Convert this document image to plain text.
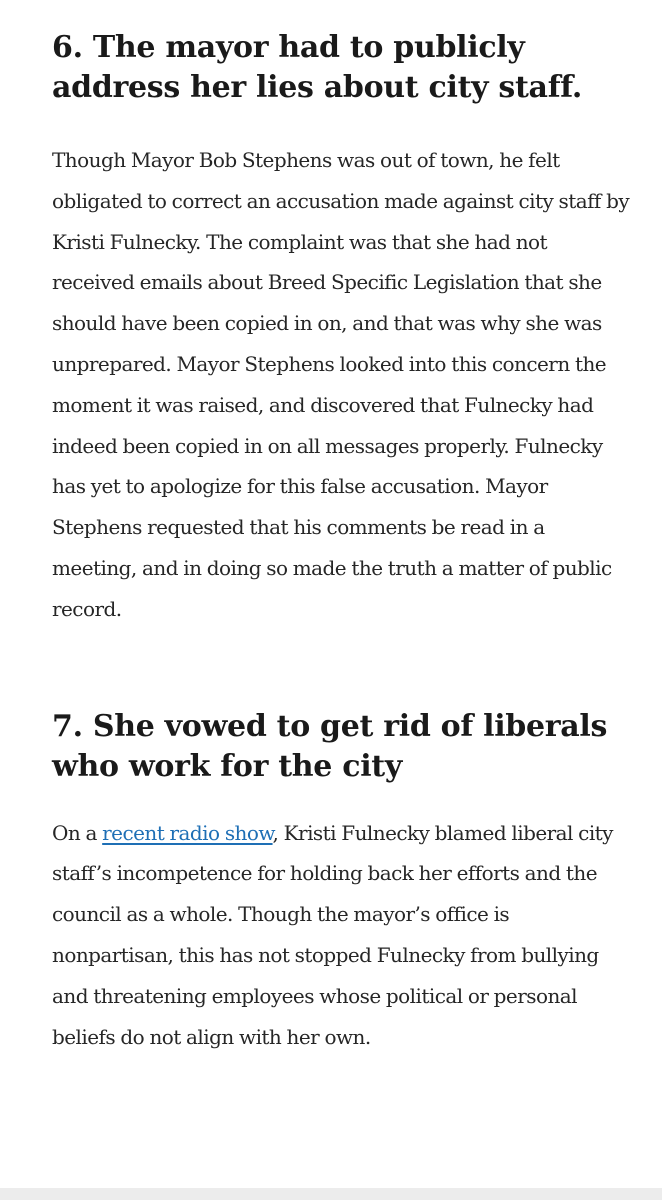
6. The mayor had to publicly address her lies about city staff.

Though Mayor Bob Stephens was out of town, he felt obligated to correct an accusation made against city staff by Kristi Fulnecky. The complaint was that she had not received emails about Breed Specific Legislation that she should have been copied in on, and that was why she was unprepared. Mayor Stephens looked into this concern the moment it was raised, and discovered that Fulnecky had indeed been copied in on all messages properly. Fulnecky has yet to apologize for this false accusation. Mayor Stephens requested that his comments be read in a meeting, and in doing so made the truth a matter of public record.

7. She vowed to get rid of liberals who work for the city

On a recent radio show, Kristi Fulnecky blamed liberal city staff’s incompetence for holding back her efforts and the council as a whole. Though the mayor’s office is nonpartisan, this has not stopped Fulnecky from bullying and threatening employees whose political or personal beliefs do not align with her own.
